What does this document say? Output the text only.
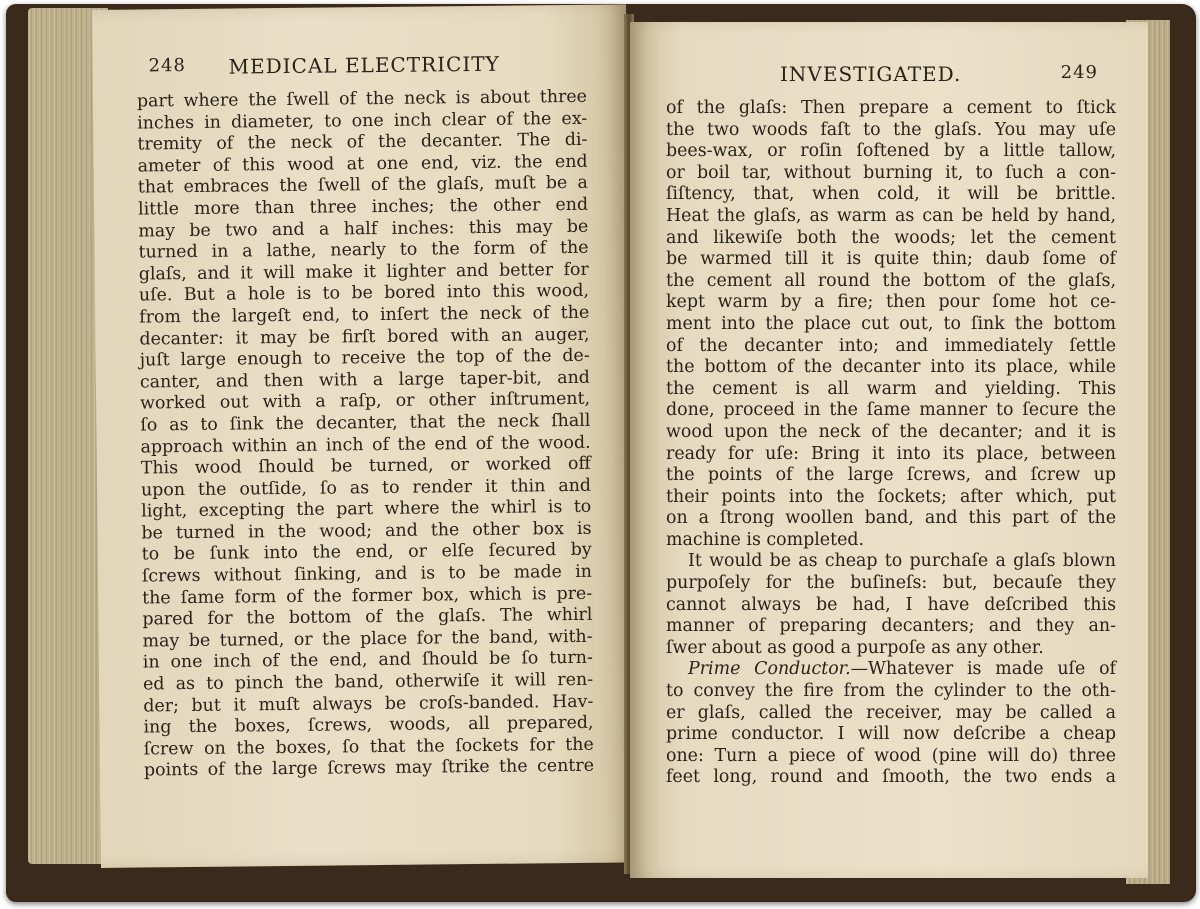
248 MEDICAL ELECTRICITY
part where the ſwell of the neck is about three
inches in diameter, to one inch clear of the ex-
tremity of the neck of the decanter. The di-
ameter of this wood at one end, viz. the end
that embraces the ſwell of the glaſs, muſt be a
little more than three inches; the other end
may be two and a half inches: this may be
turned in a lathe, nearly to the form of the
glaſs, and it will make it lighter and better for
uſe. But a hole is to be bored into this wood,
from the largeſt end, to inſert the neck of the
decanter: it may be firſt bored with an auger,
juſt large enough to receive the top of the de-
canter, and then with a large taper-bit, and
worked out with a raſp, or other inſtrument,
ſo as to ſink the decanter, that the neck ſhall
approach within an inch of the end of the wood.
This wood ſhould be turned, or worked off
upon the outſide, ſo as to render it thin and
light, excepting the part where the whirl is to
be turned in the wood; and the other box is
to be ſunk into the end, or elſe ſecured by
ſcrews without ſinking, and is to be made in
the ſame form of the former box, which is pre-
pared for the bottom of the glaſs. The whirl
may be turned, or the place for the band, with-
in one inch of the end, and ſhould be ſo turn-
ed as to pinch the band, otherwiſe it will ren-
der; but it muſt always be croſs-banded. Hav-
ing the boxes, ſcrews, woods, all prepared,
ſcrew on the boxes, ſo that the ſockets for the
points of the large ſcrews may ſtrike the centre
INVESTIGATED.	249
of the glaſs: Then prepare a cement to ſtick
the two woods faſt to the glaſs. You may uſe
bees-wax, or roſin ſoftened by a little tallow,
or boil tar, without burning it, to ſuch a con-
ſiſtency, that, when cold, it will be brittle.
Heat the glaſs, as warm as can be held by hand,
and likewiſe both the woods; let the cement
be warmed till it is quite thin; daub ſome of
the cement all round the bottom of the glaſs,
kept warm by a fire; then pour ſome hot ce-
ment into the place cut out, to ſink the bottom
of the decanter into; and immediately ſettle
the bottom of the decanter into its place, while
the cement is all warm and yielding. This
done, proceed in the ſame manner to ſecure the
wood upon the neck of the decanter; and it is
ready for uſe: Bring it into its place, between
the points of the large ſcrews, and ſcrew up
their points into the ſockets; after which, put
on a ſtrong woollen band, and this part of the
machine is completed.
It would be as cheap to purchaſe a glaſs blown
purpoſely for the buſineſs: but, becauſe they
cannot always be had, I have deſcribed this
manner of preparing decanters; and they an-
ſwer about as good a purpoſe as any other.
Prime Conductor.—Whatever is made uſe of
to convey the fire from the cylinder to the oth-
er glaſs, called the receiver, may be called a
prime conductor. I will now deſcribe a cheap
one: Turn a piece of wood (pine will do) three
feet long, round and ſmooth, the two ends a
